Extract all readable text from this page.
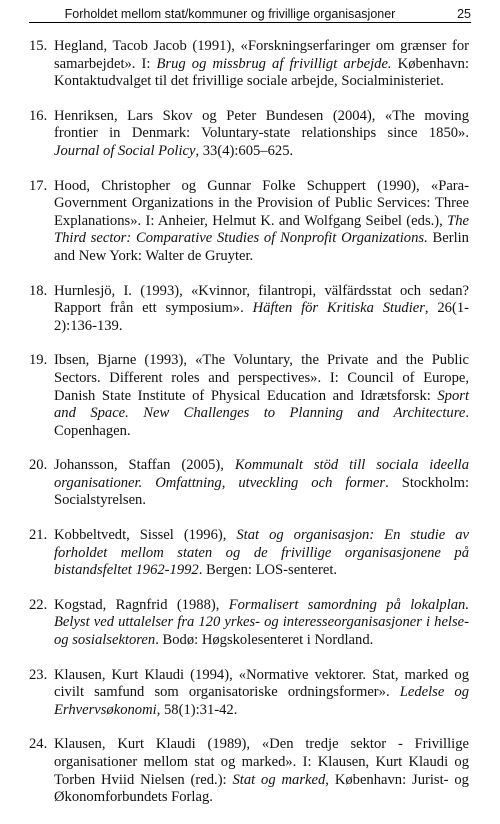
Forholdet mellom stat/kommuner og frivillige organisasjoner	25
15. Hegland, Tacob Jacob (1991), «Forskningserfaringer om grænser for samarbejdet». I: Brug og missbrug af frivilligt arbejde. København: Kontaktudvalget til det frivillige sociale arbejde, Socialministeriet.
16. Henriksen, Lars Skov og Peter Bundesen (2004), «The moving frontier in Denmark: Voluntary-state relationships since 1850». Journal of Social Policy, 33(4):605–625.
17. Hood, Christopher og Gunnar Folke Schuppert (1990), «Para-Government Organizations in the Provision of Public Services: Three Explanations». I: Anheier, Helmut K. and Wolfgang Seibel (eds.), The Third sector: Comparative Studies of Nonprofit Organizations. Berlin and New York: Walter de Gruyter.
18. Hurnlesjö, I. (1993), «Kvinnor, filantropi, välfärdsstat och sedan? Rapport från ett symposium». Häften för Kritiska Studier, 26(1-2):136-139.
19. Ibsen, Bjarne (1993), «The Voluntary, the Private and the Public Sectors. Different roles and perspectives». I: Council of Europe, Danish State Institute of Physical Education and Idrætsforsk: Sport and Space. New Challenges to Planning and Architecture. Copenhagen.
20. Johansson, Staffan (2005), Kommunalt stöd till sociala ideella organisationer. Omfattning, utveckling och former. Stockholm: Socialstyrelsen.
21. Kobbeltvedt, Sissel (1996), Stat og organisasjon: En studie av forholdet mellom staten og de frivillige organisasjonene på bistandsfeltet 1962-1992. Bergen: LOS-senteret.
22. Kogstad, Ragnfrid (1988), Formalisert samordning på lokalplan. Belyst ved uttalelser fra 120 yrkes- og interesseorganisasjoner i helse- og sosialsektoren. Bodø: Høgskolesenteret i Nordland.
23. Klausen, Kurt Klaudi (1994), «Normative vektorer. Stat, marked og civilt samfund som organisatoriske ordningsformer». Ledelse og Erhvervsøkonomi, 58(1):31-42.
24. Klausen, Kurt Klaudi (1989), «Den tredje sektor - Frivillige organisationer mellom stat og marked». I: Klausen, Kurt Klaudi og Torben Hviid Nielsen (red.): Stat og marked, København: Jurist- og Økonomforbundets Forlag.
